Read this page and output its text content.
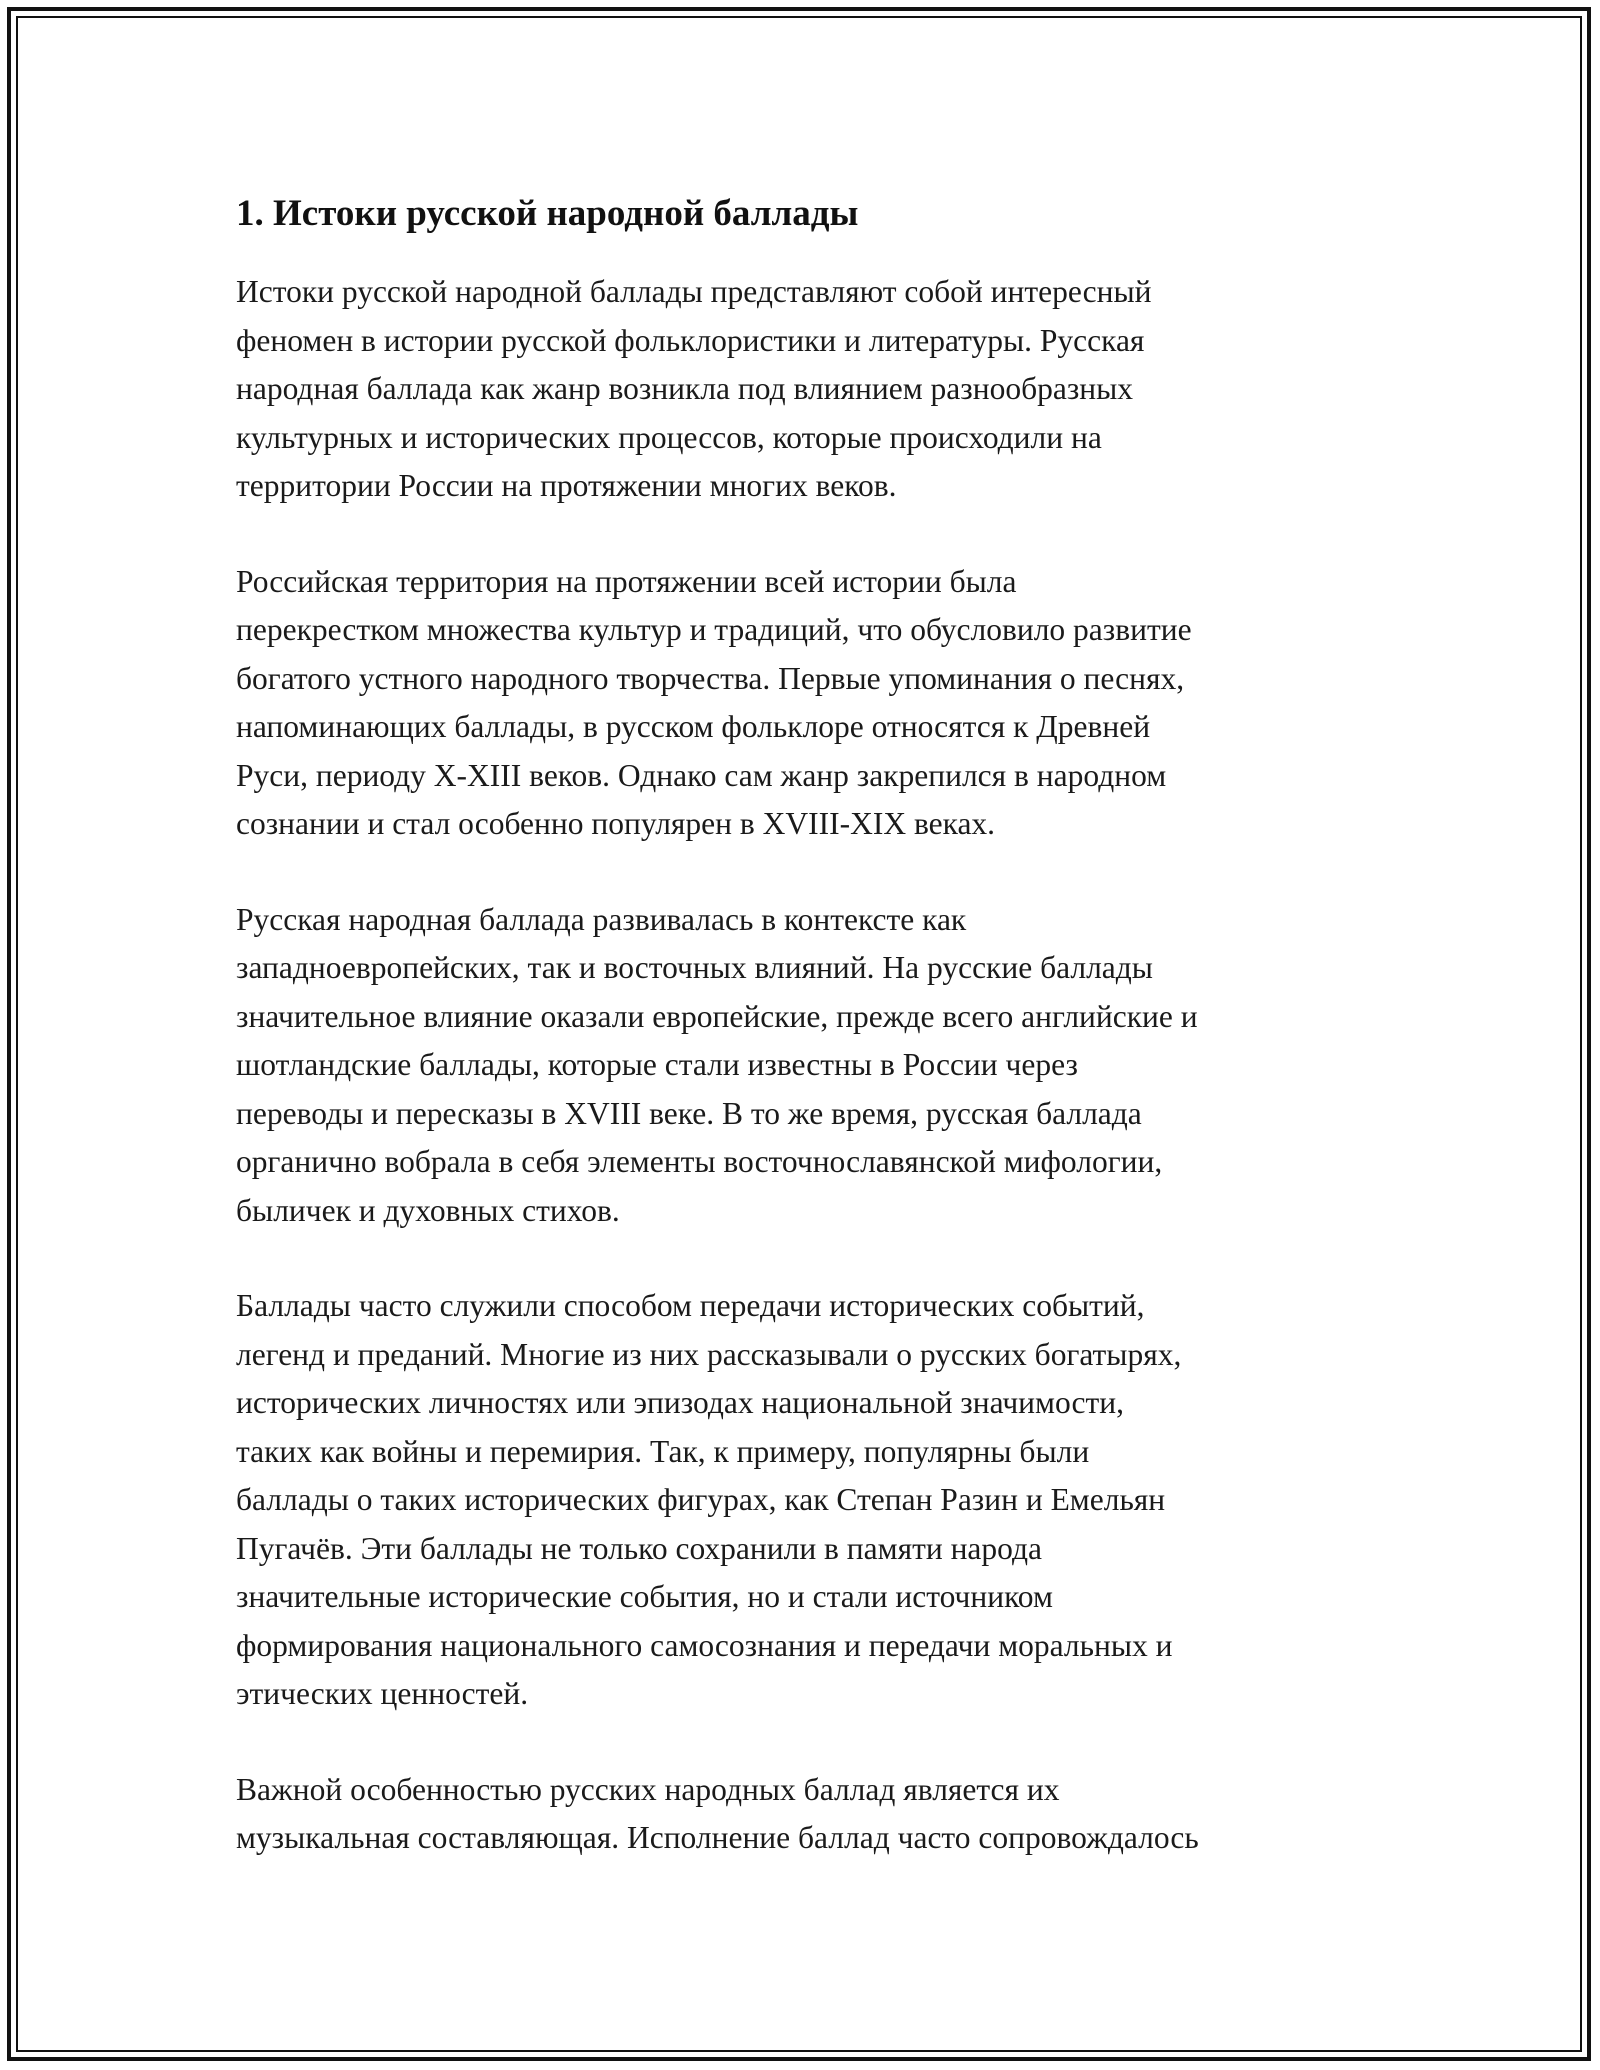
1. Истоки русской народной баллады
Истоки русской народной баллады представляют собой интересный
феномен в истории русской фольклористики и литературы. Русская
народная баллада как жанр возникла под влиянием разнообразных
культурных и исторических процессов, которые происходили на
территории России на протяжении многих веков.
Российская территория на протяжении всей истории была
перекрестком множества культур и традиций, что обусловило развитие
богатого устного народного творчества. Первые упоминания о песнях,
напоминающих баллады, в русском фольклоре относятся к Древней
Руси, периоду X-XIII веков. Однако сам жанр закрепился в народном
сознании и стал особенно популярен в XVIII-XIX веках.
Русская народная баллада развивалась в контексте как
западноевропейских, так и восточных влияний. На русские баллады
значительное влияние оказали европейские, прежде всего английские и
шотландские баллады, которые стали известны в России через
переводы и пересказы в XVIII веке. В то же время, русская баллада
органично вобрала в себя элементы восточнославянской мифологии,
быличек и духовных стихов.
Баллады часто служили способом передачи исторических событий,
легенд и преданий. Многие из них рассказывали о русских богатырях,
исторических личностях или эпизодах национальной значимости,
таких как войны и перемирия. Так, к примеру, популярны были
баллады о таких исторических фигурах, как Степан Разин и Емельян
Пугачёв. Эти баллады не только сохранили в памяти народа
значительные исторические события, но и стали источником
формирования национального самосознания и передачи моральных и
этических ценностей.
Важной особенностью русских народных баллад является их
музыкальная составляющая. Исполнение баллад часто сопровождалось
